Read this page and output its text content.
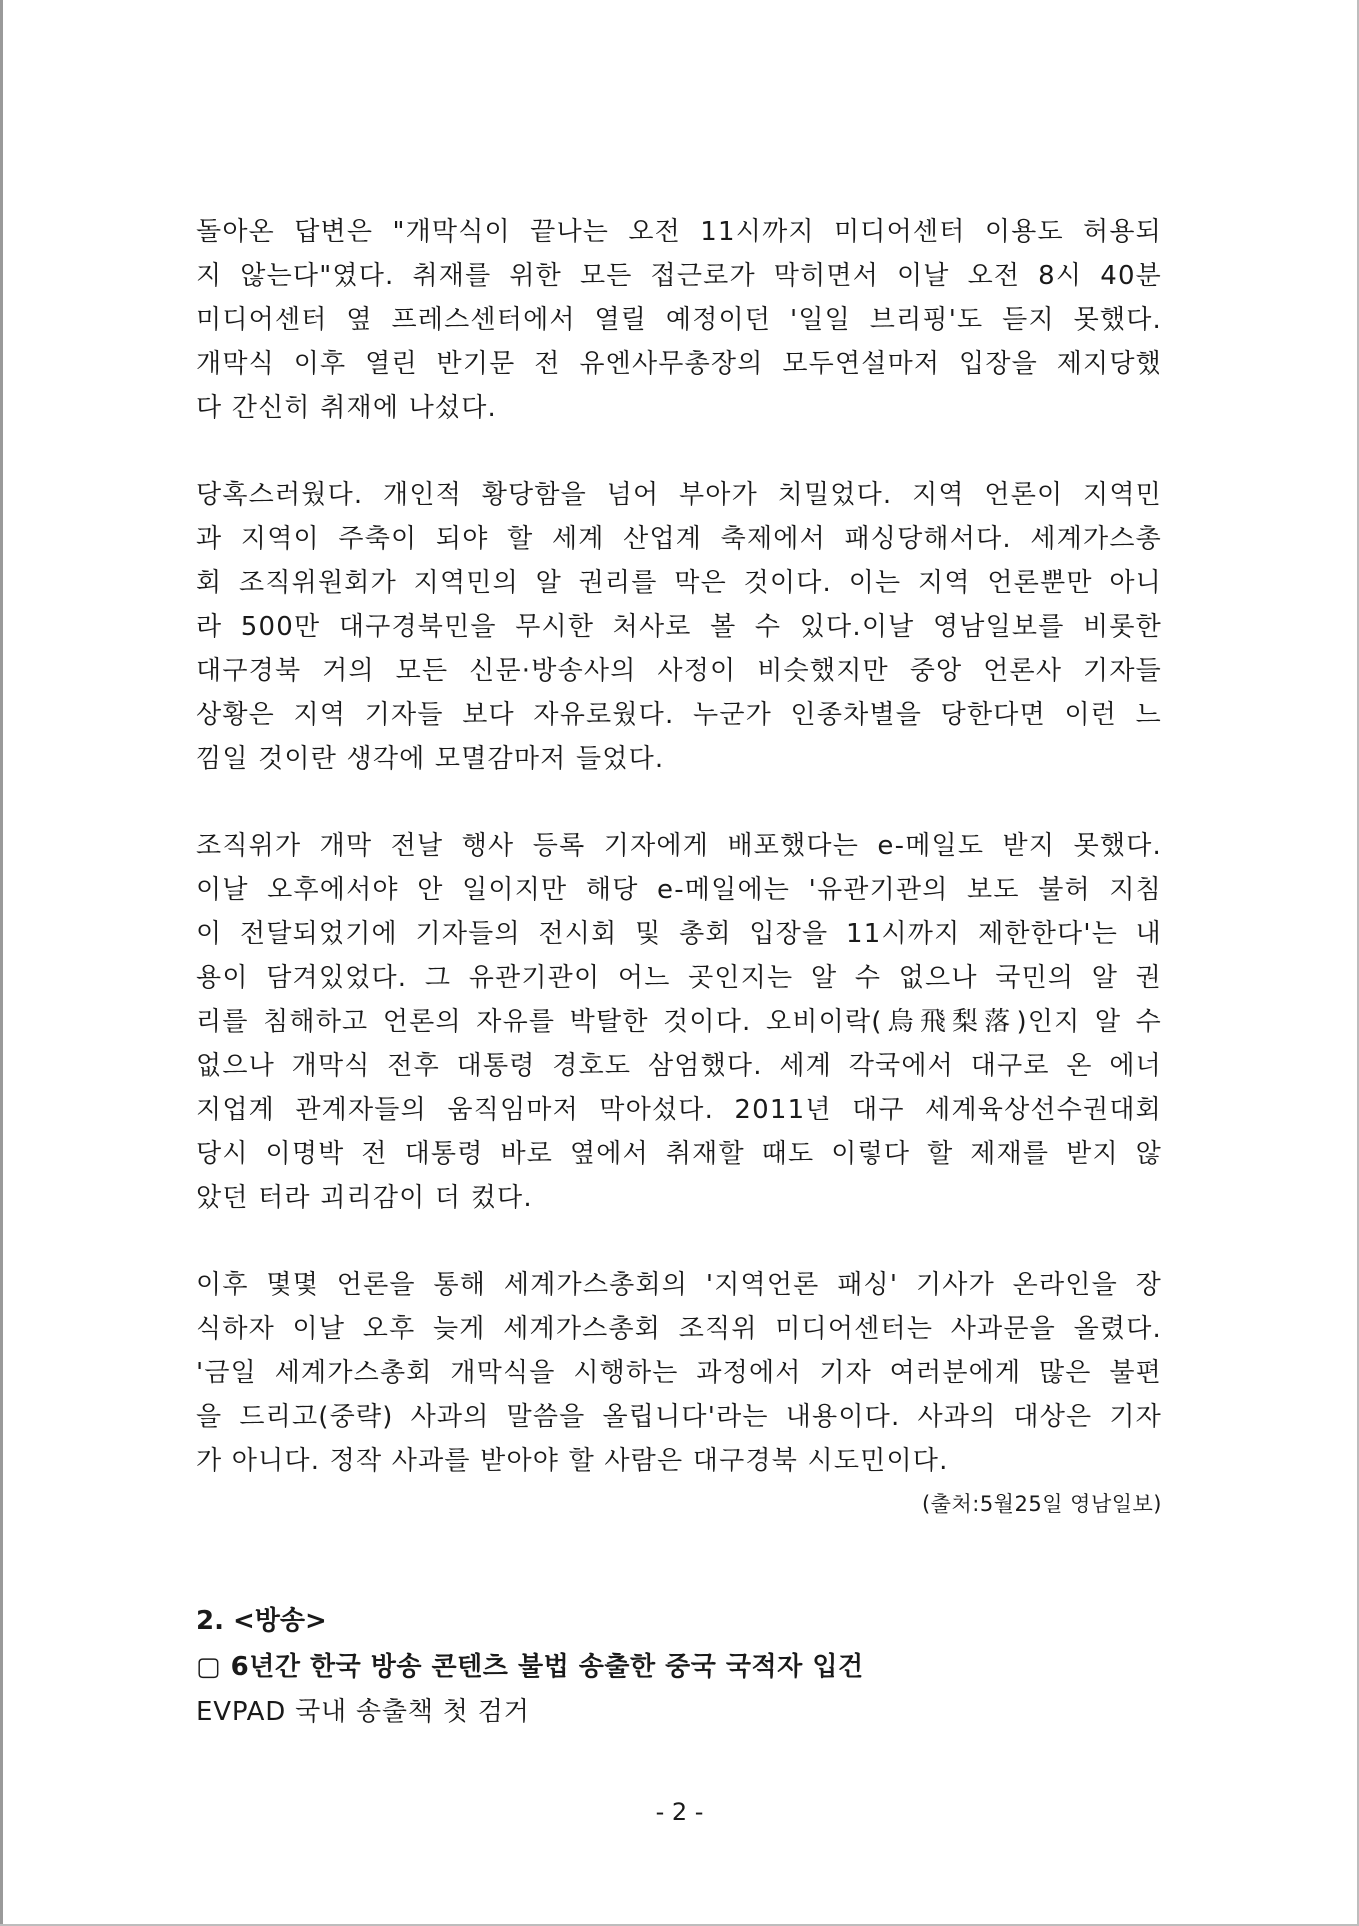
돌아온 답변은 "개막식이 끝나는 오전 11시까지 미디어센터 이용도 허용되
지 않는다"였다. 취재를 위한 모든 접근로가 막히면서 이날 오전 8시 40분
미디어센터 옆 프레스센터에서 열릴 예정이던 '일일 브리핑'도 듣지 못했다.
개막식 이후 열린 반기문 전 유엔사무총장의 모두연설마저 입장을 제지당했
다 간신히 취재에 나섰다.

당혹스러웠다. 개인적 황당함을 넘어 부아가 치밀었다. 지역 언론이 지역민
과 지역이 주축이 되야 할 세계 산업계 축제에서 패싱당해서다. 세계가스총
회 조직위원회가 지역민의 알 권리를 막은 것이다. 이는 지역 언론뿐만 아니
라 500만 대구경북민을 무시한 처사로 볼 수 있다.이날 영남일보를 비롯한
대구경북 거의 모든 신문·방송사의 사정이 비슷했지만 중앙 언론사 기자들
상황은 지역 기자들 보다 자유로웠다. 누군가 인종차별을 당한다면 이런 느
낌일 것이란 생각에 모멸감마저 들었다.

조직위가 개막 전날 행사 등록 기자에게 배포했다는 e-메일도 받지 못했다.
이날 오후에서야 안 일이지만 해당 e-메일에는 '유관기관의 보도 불허 지침
이 전달되었기에 기자들의 전시회 및 총회 입장을 11시까지 제한한다'는 내
용이 담겨있었다. 그 유관기관이 어느 곳인지는 알 수 없으나 국민의 알 권
리를 침해하고 언론의 자유를 박탈한 것이다. 오비이락(烏飛梨落)인지 알 수
없으나 개막식 전후 대통령 경호도 삼엄했다. 세계 각국에서 대구로 온 에너
지업계 관계자들의 움직임마저 막아섰다. 2011년 대구 세계육상선수권대회
당시 이명박 전 대통령 바로 옆에서 취재할 때도 이렇다 할 제재를 받지 않
았던 터라 괴리감이 더 컸다.

이후 몇몇 언론을 통해 세계가스총회의 '지역언론 패싱' 기사가 온라인을 장
식하자 이날 오후 늦게 세계가스총회 조직위 미디어센터는 사과문을 올렸다.
'금일 세계가스총회 개막식을 시행하는 과정에서 기자 여러분에게 많은 불편
을 드리고(중략) 사과의 말씀을 올립니다'라는 내용이다. 사과의 대상은 기자
가 아니다. 정작 사과를 받아야 할 사람은 대구경북 시도민이다.

(출처:5월25일 영남일보)
2. <방송>
▢ 6년간 한국 방송 콘텐츠 불법 송출한 중국 국적자 입건
EVPAD 국내 송출책 첫 검거
- 2 -
